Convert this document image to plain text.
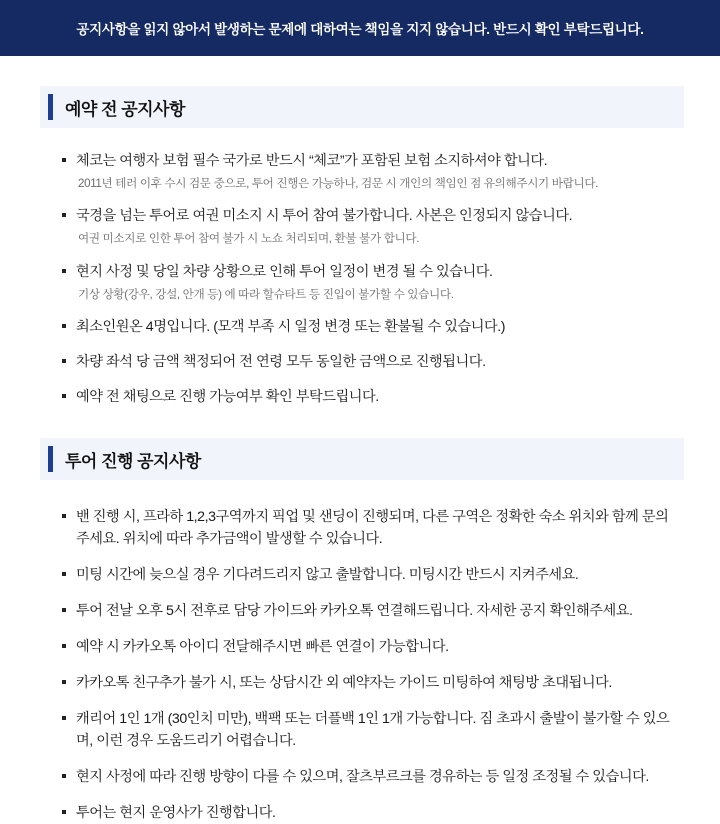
공지사항을 읽지 않아서 발생하는 문제에 대하여는 책임을 지지 않습니다. 반드시 확인 부탁드립니다.
예약 전 공지사항
체코는 여행자 보험 필수 국가로 반드시 “체코”가 포함된 보험 소지하셔야 합니다.
2011년 테러 이후 수시 검문 중으로, 투어 진행은 가능하나, 검문 시 개인의 책임인 점 유의해주시기 바랍니다.
국경을 넘는 투어로 여권 미소지 시 투어 참여 불가합니다. 사본은 인정되지 않습니다.
여권 미소지로 인한 투어 참여 불가 시 노쇼 처리되며, 환불 불가 합니다.
현지 사정 및 당일 차량 상황으로 인해 투어 일정이 변경 될 수 있습니다.
기상 상황(강우, 강설, 안개 등) 에 따라 할슈타트 등 진입이 불가할 수 있습니다.
최소인원온 4명입니다. (모객 부족 시 일정 변경 또는 환불될 수 있습니다.)
차량 좌석 당 금액 책정되어 전 연령 모두 동일한 금액으로 진행됩니다.
예약 전 채팅으로 진행 가능여부 확인 부탁드립니다.
투어 진행 공지사항
밴 진행 시, 프라하 1,2,3구역까지 픽업 및 샌딩이 진행되며, 다른 구역은 정확한 숙소 위치와 함께 문의주세요. 위치에 따라 추가금액이 발생할 수 있습니다.
미팅 시간에 늦으실 경우 기다려드리지 않고 출발합니다. 미팅시간 반드시 지켜주세요.
투어 전날 오후 5시 전후로 담당 가이드와 카카오톡 연결해드립니다. 자세한 공지 확인해주세요.
예약 시 카카오톡 아이디 전달해주시면 빠른 연결이 가능합니다.
카카오톡 친구추가 불가 시, 또는 상담시간 외 예약자는 가이드 미팅하여 채팅방 초대됩니다.
캐리어 1인 1개 (30인치 미만), 백팩 또는 더플백 1인 1개 가능합니다. 짐 초과시 출발이 불가할 수 있으며, 이런 경우 도움드리기 어렵습니다.
현지 사정에 따라 진행 방향이 다를 수 있으며, 잘츠부르크를 경유하는 등 일정 조정될 수 있습니다.
투어는 현지 운영사가 진행합니다.
